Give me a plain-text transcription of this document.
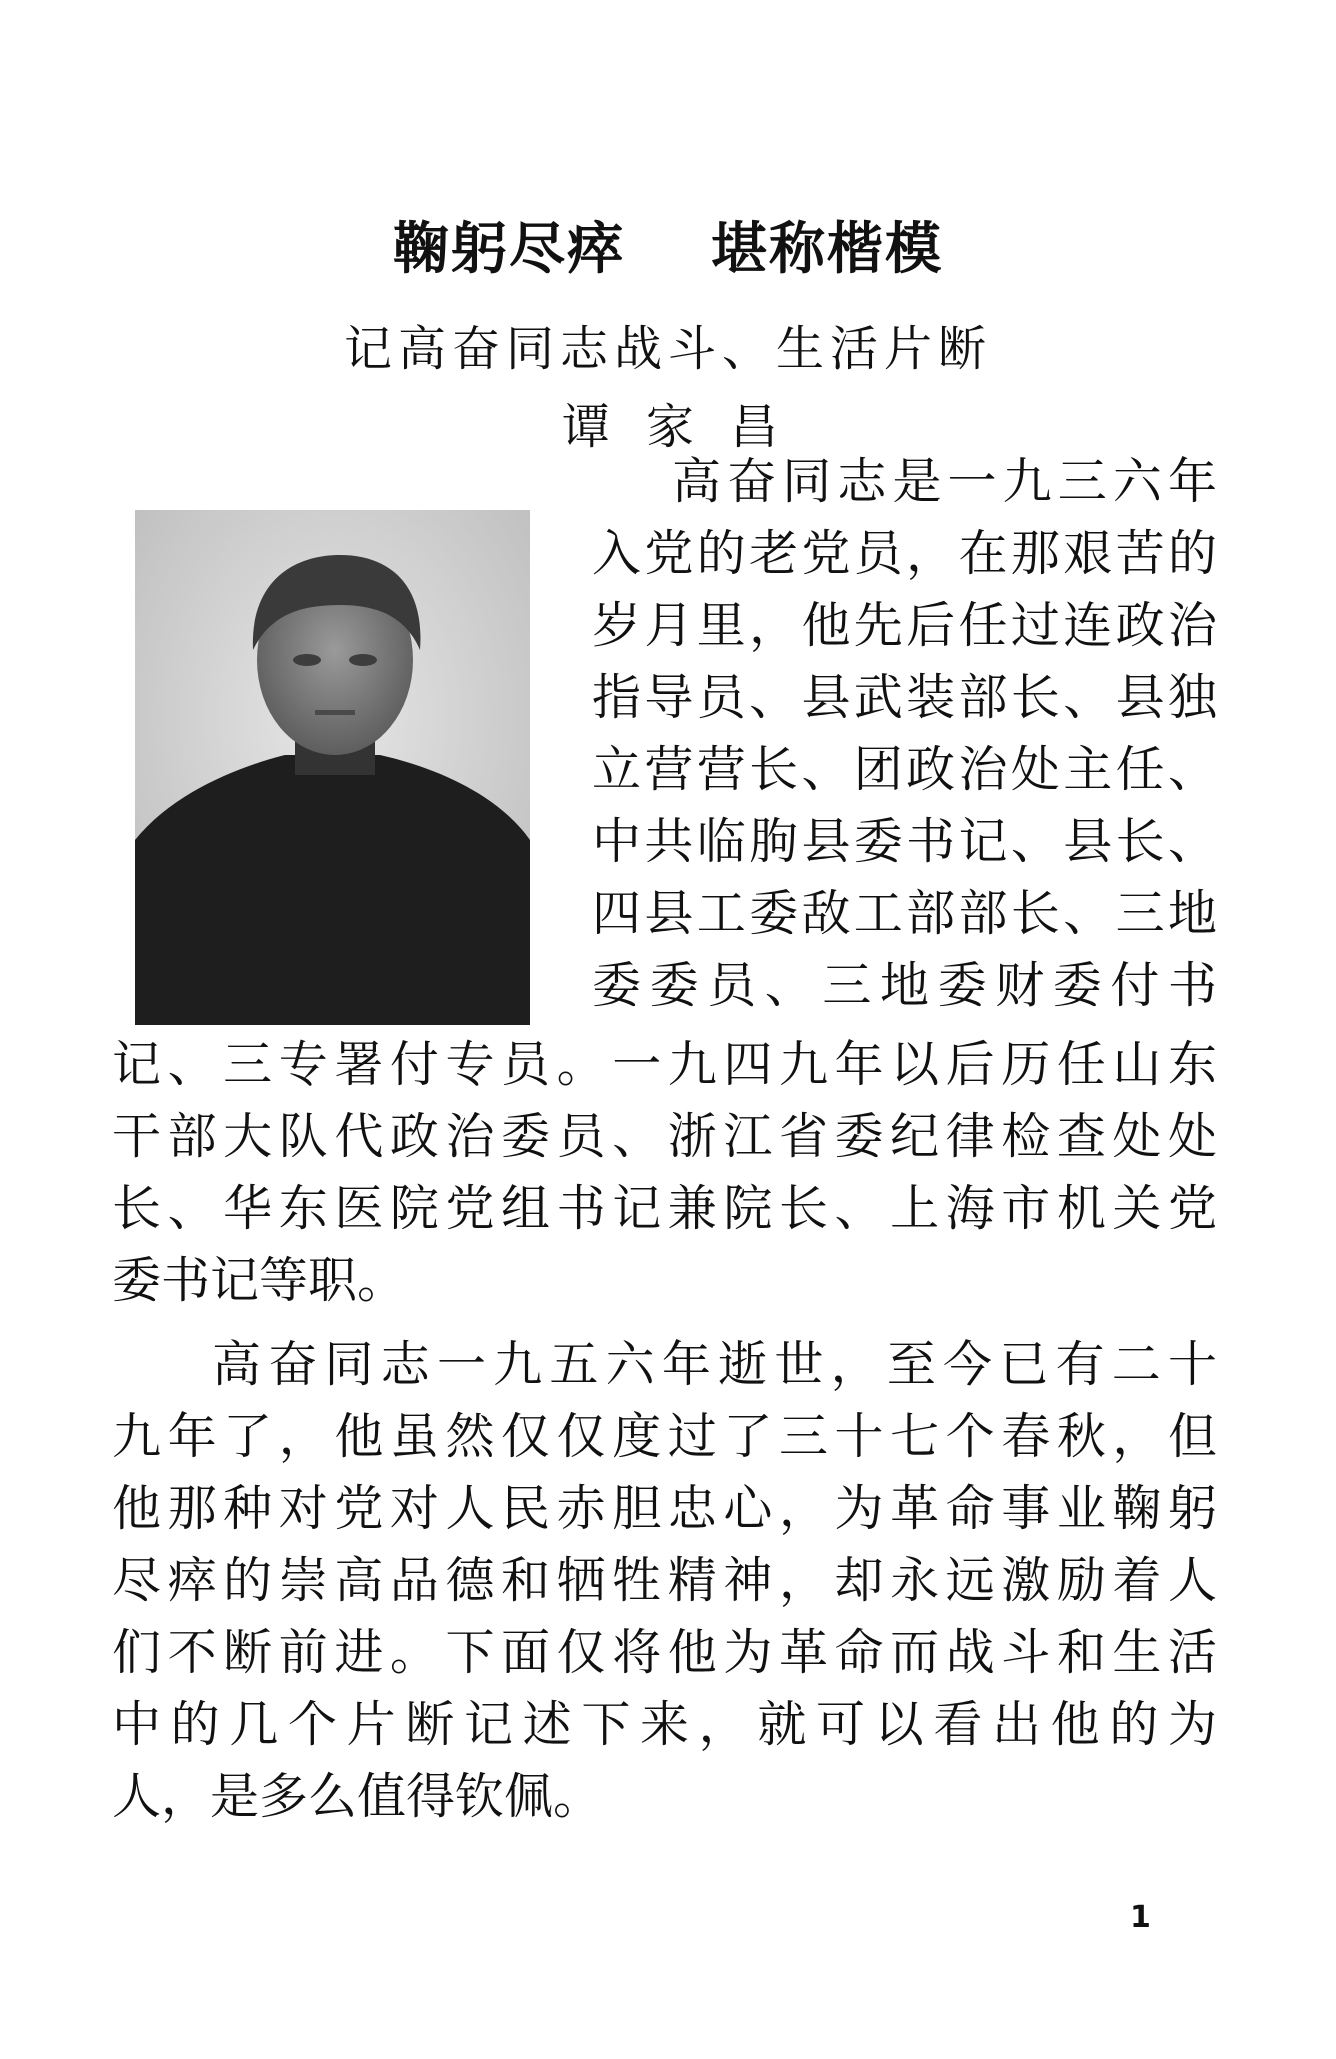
鞠躬尽瘁    堪称楷模
记高奋同志战斗、生活片断
谭家昌

高奋同志是一九三六年

入党的老党员，在那艰苦的

岁月里，他先后任过连政治

指导员、县武装部长、县独

立营营长、团政治处主任、

中共临朐县委书记、县长、

四县工委敌工部部长、三地

委委员、三地委财委付书

记、三专署付专员。一九四九年以后历任山东

干部大队代政治委员、浙江省委纪律检查处处

长、华东医院党组书记兼院长、上海市机关党

委书记等职。

高奋同志一九五六年逝世，至今已有二十

九年了，他虽然仅仅度过了三十七个春秋，但

他那种对党对人民赤胆忠心，为革命事业鞠躬

尽瘁的崇高品德和牺牲精神，却永远激励着人

们不断前进。下面仅将他为革命而战斗和生活

中的几个片断记述下来，就可以看出他的为

人，是多么值得钦佩。

1
